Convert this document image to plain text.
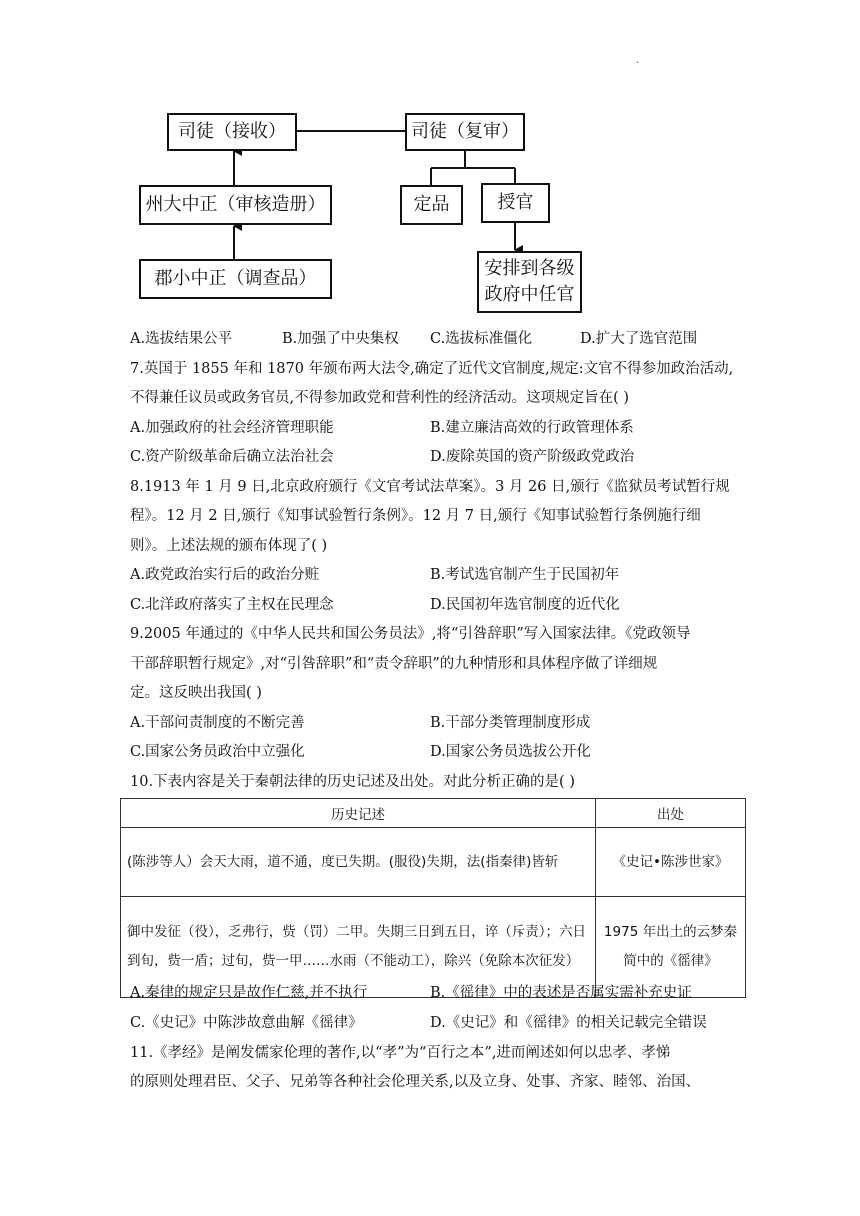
·
司徒（接收）	司徒（复审）
州大中正（审核造册）	定品	授官
郡小中正（调查品）	安排到各级
政府中任官
A.选拔结果公平	B.加强了中央集权 C.选拔标准僵化	D.扩大了选官范围
7.英国于 1855 年和 1870 年颁布两大法令,确定了近代文官制度,规定:文官不得参加政治活动,
不得兼任议员或政务官员,不得参加政党和营利性的经济活动。这项规定旨在( )
A.加强政府的社会经济管理职能	B.建立廉洁高效的行政管理体系
C.资产阶级革命后确立法治社会	D.废除英国的资产阶级政党政治
8.1913 年 1 月 9 日,北京政府颁行《文官考试法草案》。3 月 26 日,颁行《监狱员考试暂行规
程》。12 月 2 日,颁行《知事试验暂行条例》。12 月 7 日,颁行《知事试验暂行条例施行细
则》。上述法规的颁布体现了( )
A.政党政治实行后的政治分赃	B.考试选官制产生于民国初年
C.北洋政府落实了主权在民理念	D.民国初年选官制度的近代化
9.2005 年通过的《中华人民共和国公务员法》,将“引咎辞职”写入国家法律。《党政领导
干部辞职暂行规定》,对“引咎辞职”和“责令辞职”的九种情形和具体程序做了详细规
定。这反映出我国( )
A.干部问责制度的不断完善	B.干部分类管理制度形成
C.国家公务员政治中立强化	D.国家公务员选拔公开化
10.下表内容是关于秦朝法律的历史记述及出处。对此分析正确的是( )
历史记述	出处
(陈涉等人）会天大雨，道不通，度已失期。(服役)失期，法(指秦律)皆斩	《史记•陈涉世家》
御中发征（役），乏弗行，赀（罚）二甲。失期三日到五日，谇（斥责）；六日到旬，赀一盾；过旬，赀一甲……水雨（不能动工），除兴（免除本次征发）	1975 年出土的云梦秦简中的《徭律》
A.秦律的规定只是故作仁慈,并不执行	B.《徭律》中的表述是否属实需补充史证
C.《史记》中陈涉故意曲解《徭律》	D.《史记》和《徭律》的相关记载完全错误
11.《孝经》是阐发儒家伦理的著作,以“孝”为“百行之本”,进而阐述如何以忠孝、孝悌
的原则处理君臣、父子、兄弟等各种社会伦理关系,以及立身、处事、齐家、睦邻、治国、
